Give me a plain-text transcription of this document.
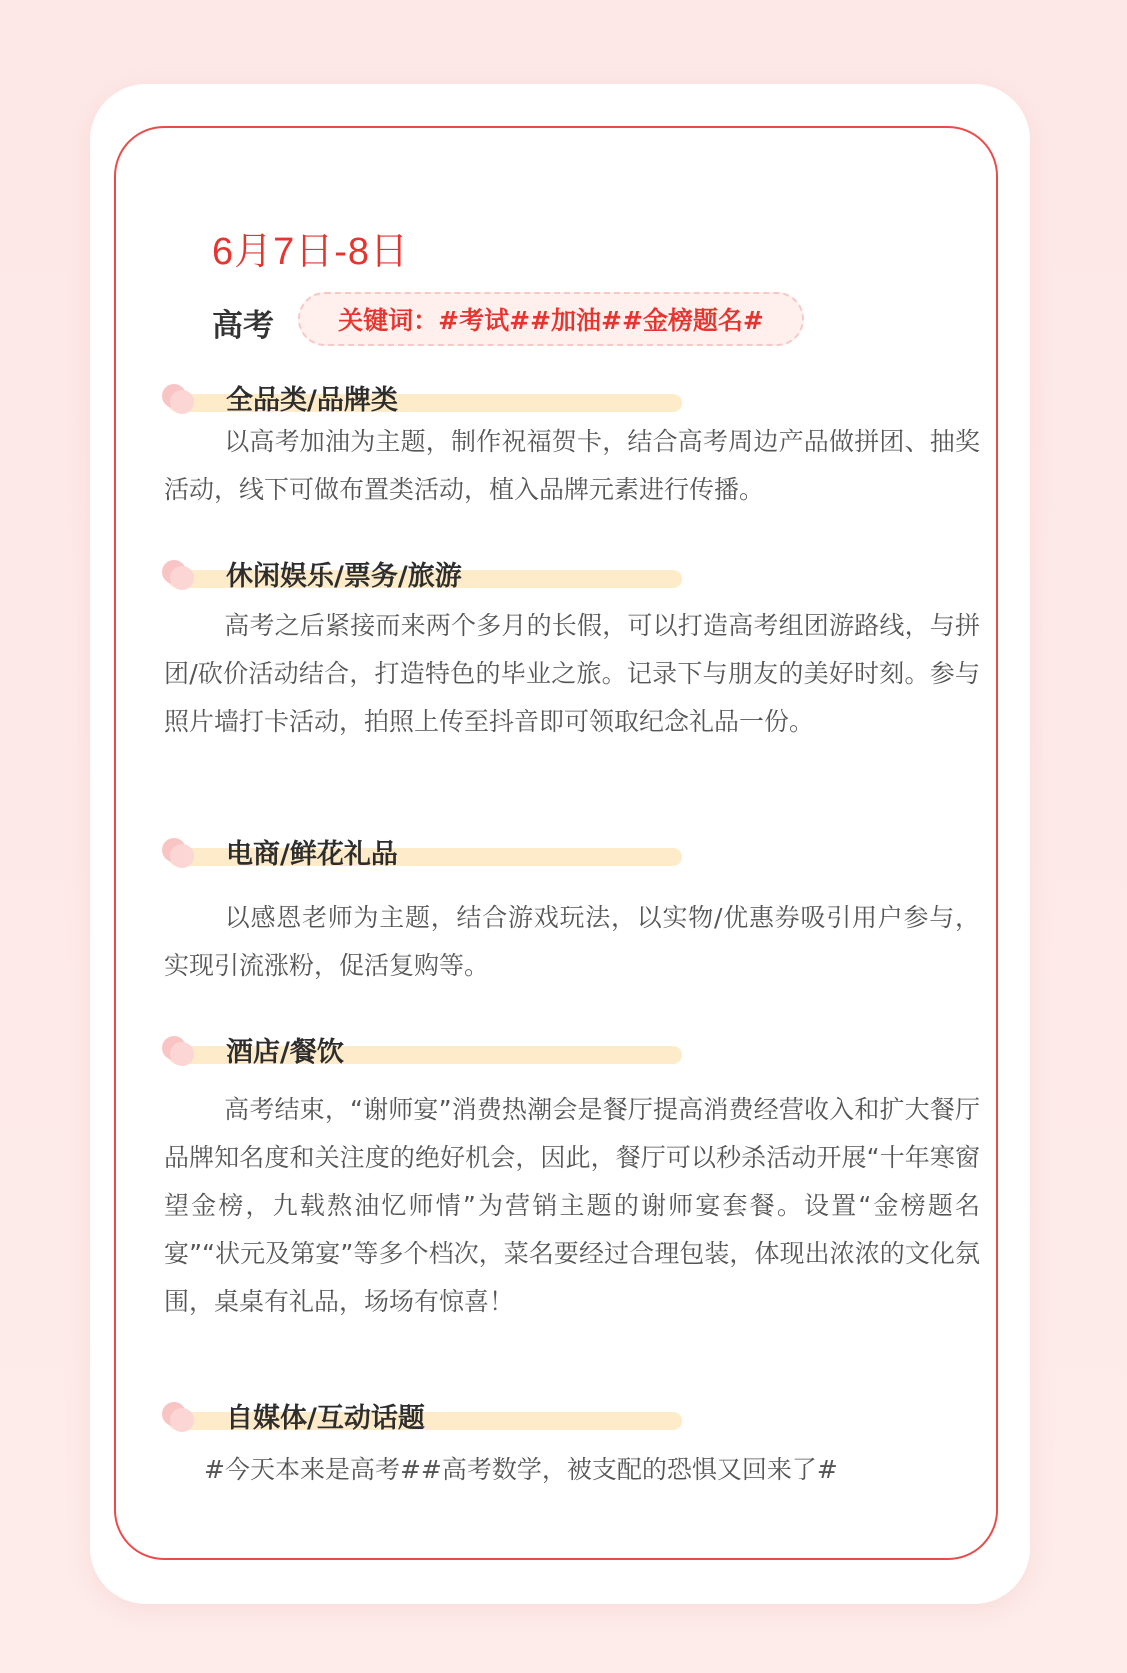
6月7日-8日
高考	关键词：#考试##加油##金榜题名#
全品类/品牌类
以高考加油为主题，制作祝福贺卡，结合高考周边产品做拼团、抽奖活动，线下可做布置类活动，植入品牌元素进行传播。
休闲娱乐/票务/旅游
高考之后紧接而来两个多月的长假，可以打造高考组团游路线，与拼团/砍价活动结合，打造特色的毕业之旅。记录下与朋友的美好时刻。参与照片墙打卡活动，拍照上传至抖音即可领取纪念礼品一份。
电商/鲜花礼品
以感恩老师为主题，结合游戏玩法，以实物/优惠券吸引用户参与，实现引流涨粉，促活复购等。
酒店/餐饮
高考结束，“谢师宴”消费热潮会是餐厅提高消费经营收入和扩大餐厅品牌知名度和关注度的绝好机会，因此，餐厅可以秒杀活动开展“十年寒窗望金榜，九载熬油忆师情”为营销主题的谢师宴套餐。设置“金榜题名宴”“状元及第宴”等多个档次，菜名要经过合理包装，体现出浓浓的文化氛围，桌桌有礼品，场场有惊喜！
自媒体/互动话题
#今天本来是高考##高考数学，被支配的恐惧又回来了#
